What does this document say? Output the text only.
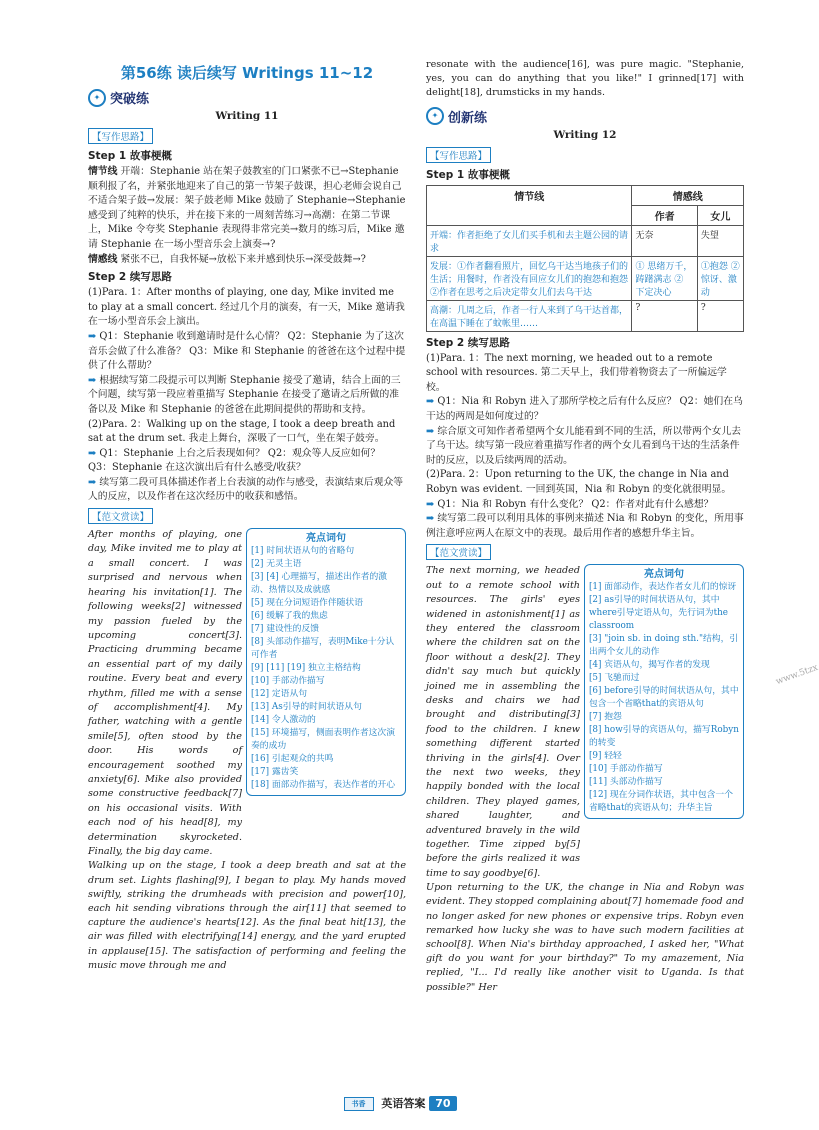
第56练 读后续写 Writings 11~12
✦ 突破练
Writing 11
【写作思路】
Step 1 故事梗概

情节线 开端：Stephanie 站在架子鼓教室的门口紧张不已→Stephanie 顺利报了名，并紧张地迎来了自己的第一节架子鼓课，担心老师会说自己不适合架子鼓→发展：架子鼓老师 Mike 鼓励了 Stephanie→Stephanie 感受到了纯粹的快乐，并在接下来的一周刻苦练习→高潮：在第二节课上，Mike 令夸奖 Stephanie 表现得非常完美→数月的练习后，Mike 邀请 Stephanie 在一场小型音乐会上演奏→?

情感线 紧张不已，自我怀疑→放松下来并感到快乐→深受鼓舞→?

Step 2 续写思路

(1)Para. 1：After months of playing, one day, Mike invited me to play at a small concert. 经过几个月的演奏，有一天，Mike 邀请我在一场小型音乐会上演出。

➡ Q1：Stephanie 收到邀请时是什么心情？ Q2：Stephanie 为了这次音乐会做了什么准备？ Q3：Mike 和 Stephanie 的爸爸在这个过程中提供了什么帮助？

➡ 根据续写第二段提示可以判断 Stephanie 接受了邀请，结合上面的三个问题，续写第一段应着重描写 Stephanie 在接受了邀请之后所做的准备以及 Mike 和 Stephanie 的爸爸在此期间提供的帮助和支持。

(2)Para. 2：Walking up on the stage, I took a deep breath and sat at the drum set. 我走上舞台，深吸了一口气，坐在架子鼓旁。

➡ Q1：Stephanie 上台之后表现如何？ Q2：观众等人反应如何？ Q3：Stephanie 在这次演出后有什么感受/收获？

➡ 续写第二段可具体描述作者上台表演的动作与感受，表演结束后观众等人的反应，以及作者在这次经历中的收获和感悟。

【范文赏读】
After months of playing, one day, Mike invited me to play at a small concert. I was surprised and nervous when hearing his invitation[1]. The following weeks[2] witnessed my passion fueled by the upcoming concert[3]. Practicing drumming became an essential part of my daily routine. Every beat and every rhythm, filled me with a sense of accomplishment[4]. My father, watching with a gentle smile[5], often stood by the door. His words of encouragement soothed my anxiety[6]. Mike also provided some constructive feedback[7] on his occasional visits. With each nod of his head[8], my determination skyrocketed. Finally, the big day came.
亮点词句
[1] 时间状语从句的省略句
[2] 无灵主语
[3] [4] 心理描写，描述出作者的激动、热情以及成就感
[5] 现在分词短语作伴随状语
[6] 缓解了我的焦虑
[7] 建设性的反馈
[8] 头部动作描写，表明Mike十分认可作者
[9] [11] [19] 独立主格结构
[10] 手部动作描写
[12] 定语从句
[13] As引导的时间状语从句
[14] 令人激动的
[15] 环境描写，侧面表明作者这次演奏的成功
[16] 引起观众的共鸣
[17] 露齿笑
[18] 面部动作描写，表达作者的开心
Walking up on the stage, I took a deep breath and sat at the drum set. Lights flashing[9], I began to play. My hands moved swiftly, striking the drumheads with precision and power[10], each hit sending vibrations through the air[11] that seemed to capture the audience's hearts[12]. As the final beat hit[13], the air was filled with electrifying[14] energy, and the yard erupted in applause[15]. The satisfaction of performing and feeling the music move through me and
resonate with the audience[16], was pure magic. "Stephanie, yes, you can do anything that you like!" I grinned[17] with delight[18], drumsticks in my hands.
✦ 创新练
Writing 12
【写作思路】
Step 1 故事梗概
情节线	情感线	
	作者	女儿
开端：作者拒绝了女儿们买手机和去主题公园的请求	无奈	失望
发展：①作者翻看照片，回忆乌干达当地孩子们的生活；用餐时，作者没有回应女儿们的抱怨和抱怨 ②作者在思考之后决定带女儿们去乌干达	① 思绪万千，踌躇满志 ② 下定决心	①抱怨 ②惊讶、激动
高潮：几周之后，作者一行人来到了乌干达首都，在高温下睡在了蚊帐里……	?	?
Step 2 续写思路

(1)Para. 1：The next morning, we headed out to a remote school with resources. 第二天早上，我们带着物资去了一所偏远学校。

➡ Q1：Nia 和 Robyn 进入了那所学校之后有什么反应？ Q2：她们在乌干达的两周是如何度过的？

➡ 综合原文可知作者希望两个女儿能看到不同的生活，所以带两个女儿去了乌干达。续写第一段应着重描写作者的两个女儿看到乌干达的生活条件时的反应，以及后续两周的活动。

(2)Para. 2：Upon returning to the UK, the change in Nia and Robyn was evident. 一回到英国，Nia 和 Robyn 的变化就很明显。

➡ Q1：Nia 和 Robyn 有什么变化？ Q2：作者对此有什么感想？

➡ 续写第二段可以利用具体的事例来描述 Nia 和 Robyn 的变化，所用事例注意呼应两人在原文中的表现。最后用作者的感想升华主旨。

【范文赏读】
The next morning, we headed out to a remote school with resources. The girls' eyes widened in astonishment[1] as they entered the classroom where the children sat on the floor without a desk[2]. They didn't say much but quickly joined me in assembling the desks and chairs we had brought and distributing[3] food to the children. I knew something different started thriving in the girls[4]. Over the next two weeks, they happily bonded with the local children. They played games, shared laughter, and adventured bravely in the wild together. Time zipped by[5] before the girls realized it was time to say goodbye[6].
亮点词句
[1] 面部动作，表达作者女儿们的惊讶
[2] as引导的时间状语从句，其中where引导定语从句，先行词为the classroom
[3] "join sb. in doing sth."结构，引出两个女儿的动作
[4] 宾语从句，揭写作者的发现
[5] 飞驰而过
[6] before引导的时间状语从句，其中包含一个省略that的宾语从句
[7] 抱怨
[8] how引导的宾语从句，描写Robyn的转变
[9] 轻轻
[10] 手部动作描写
[11] 头部动作描写
[12] 现在分词作状语，其中包含一个省略that的宾语从句；升华主旨
Upon returning to the UK, the change in Nia and Robyn was evident. They stopped complaining about[7] homemade food and no longer asked for new phones or expensive trips. Robyn even remarked how lucky she was to have such modern facilities at school[8]. When Nia's birthday approached, I asked her, "What gift do you want for your birthday?" To my amazement, Nia replied, "I... I'd really like another visit to Uganda. Is that possible?" Her
书香 英语答案 70
www.5tzx
